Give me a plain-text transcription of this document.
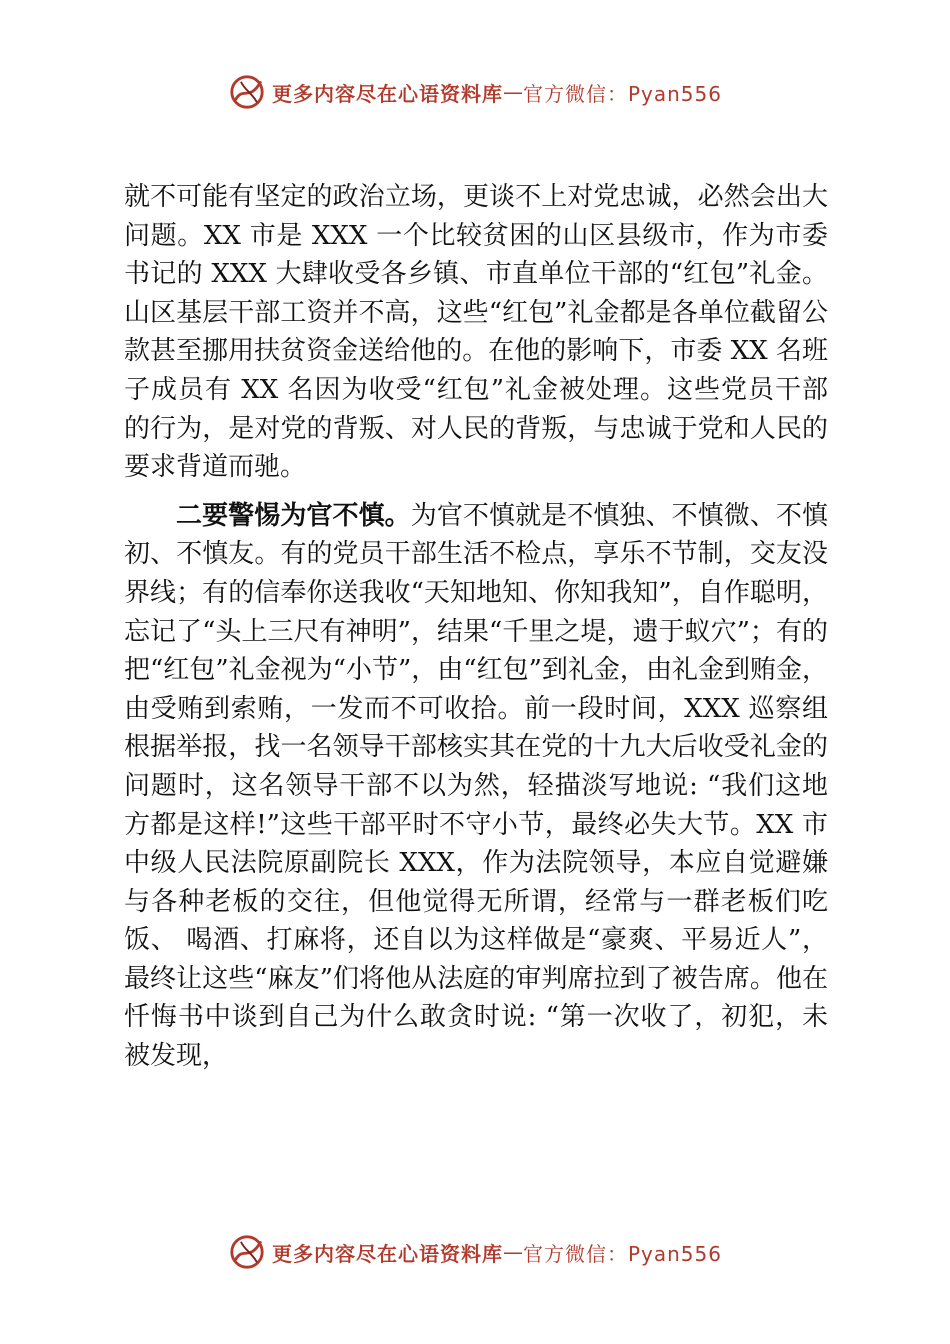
更多内容尽在心语资料库 — 官方微信：Pyan556

就不可能有坚定的政治立场，更谈不上对党忠诚，必然会出大问题。XX 市是 XXX 一个比较贫困的山区县级市，作为市委书记的 XXX 大肆收受各乡镇、市直单位干部的“红包”礼金。山区基层干部工资并不高，这些“红包”礼金都是各单位截留公款甚至挪用扶贫资金送给他的。在他的影响下，市委 XX 名班子成员有 XX 名因为收受“红包”礼金被处理。这些党员干部的行为，是对党的背叛、对人民的背叛，与忠诚于党和人民的要求背道而驰。

二要警惕为官不慎。为官不慎就是不慎独、不慎微、不慎初、不慎友。有的党员干部生活不检点，享乐不节制，交友没界线；有的信奉你送我收“天知地知、你知我知”，自作聪明， 忘记了“头上三尺有神明”，结果“千里之堤，遗于蚁穴”；有的把“红包”礼金视为“小节”，由“红包”到礼金，由礼金到贿金， 由受贿到索贿，一发而不可收拾。前一段时间，XXX 巡察组根据举报，找一名领导干部核实其在党的十九大后收受礼金的问题时，这名领导干部不以为然，轻描淡写地说: “我们这地方都是这样!”这些干部平时不守小节，最终必失大节。XX 市中级人民法院原副院长 XXX，作为法院领导，本应自觉避嫌与各种老板的交往，但他觉得无所谓，经常与一群老板们吃饭、 喝酒、打麻将，还自以为这样做是“豪爽、平易近人”，最终让这些“麻友”们将他从法庭的审判席拉到了被告席。他在忏悔书中谈到自己为什么敢贪时说: “第一次收了，初犯，未被发现，

更多内容尽在心语资料库 — 官方微信：Pyan556
